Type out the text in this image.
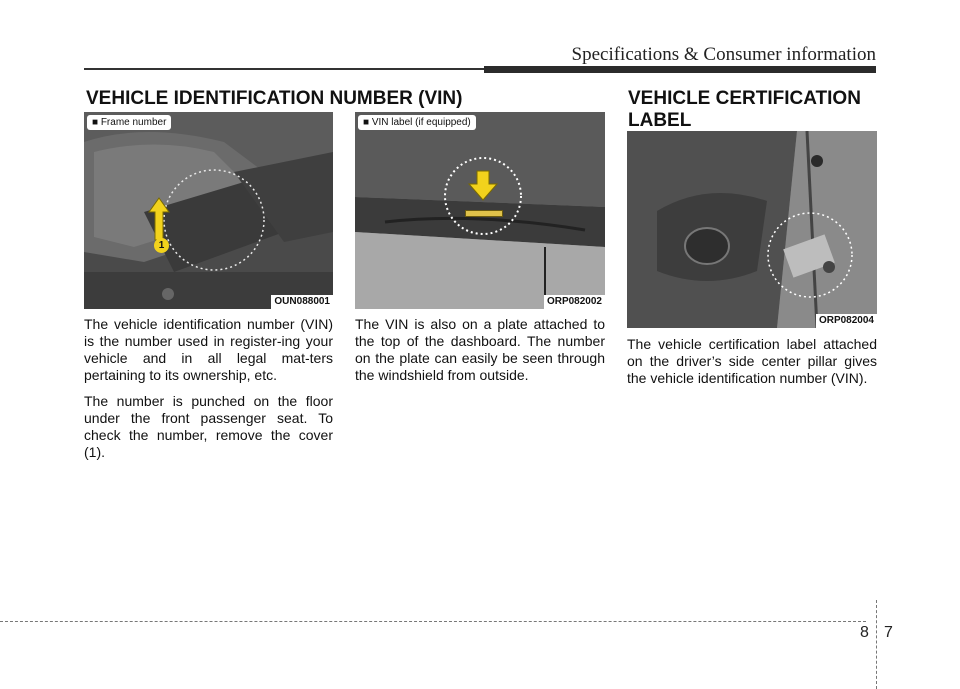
Specifications & Consumer information
VEHICLE IDENTIFICATION NUMBER (VIN)
■ Frame number
1
OUN088001
■ VIN label (if equipped)
ORP082002

The vehicle identification number (VIN) is the number used in register-ing your vehicle and in all legal mat-ters pertaining to its ownership, etc.

The number is punched on the floor under the front passenger seat. To check the number, remove the cover (1).

The VIN is also on a plate attached to the top of the dashboard. The number on the plate can easily be seen through the windshield from outside.

VEHICLE CERTIFICATION
LABEL
ORP082004

The vehicle certification label attached on the driver’s side center pillar gives the vehicle identification number (VIN).

8 7
